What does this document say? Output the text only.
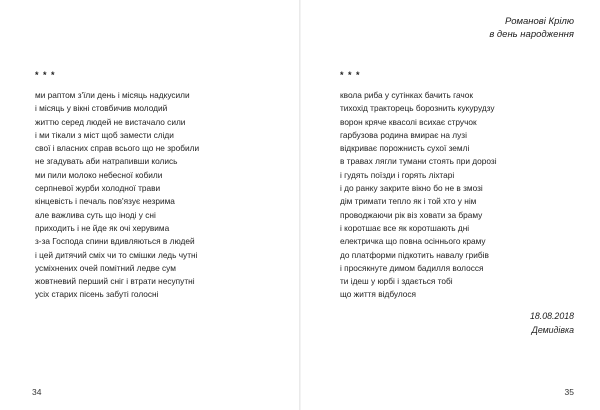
* * *
ми раптом з'їли день і місяць надкусили
і місяць у вікні стовбичив молодий
життю серед людей не вистачало сили
і ми тікали з міст щоб замести сліди
свої і власних справ всього що не зробили
не згадувать аби натрапивши колись
ми пили молоко небесної кобили
серпневої журби холодної трави
кінцевість і печаль пов'язує незрима
але важлива суть що іноді у сні
приходить і не йде як очі херувима
з-за Господа спини вдивляються в людей
і цей дитячий сміх чи то смішки ледь чутні
усміхнених очей помітний ледве сум
жовтневий перший сніг і втрати несупутні
усіх старих пісень забуті голосні
34
Романові Крілю
в день народження
* * *
квола риба у сутінках бачить гачок
тихохід тракторець борознить кукурудзу
ворон кряче квасолі всихає стручок
гарбузова родина вмирає на лузі
відкриває порожнисть сухої землі
в травах лягли тумани стоять при дорозі
і гудять поїзди і горять ліхтарі
і до ранку закрите вікно бо не в змозі
дім тримати тепло як і той хто у нім
проводжаючи рік віз ховати за браму
і коротшає все як коротшають дні
електричка що повна осіннього краму
до платформи підкотить навалу грибів
і просякнуте димом бадилля волосся
ти ідеш у юрбі і здається тобі
що життя відбулося
18.08.2018
Демидівка
35
